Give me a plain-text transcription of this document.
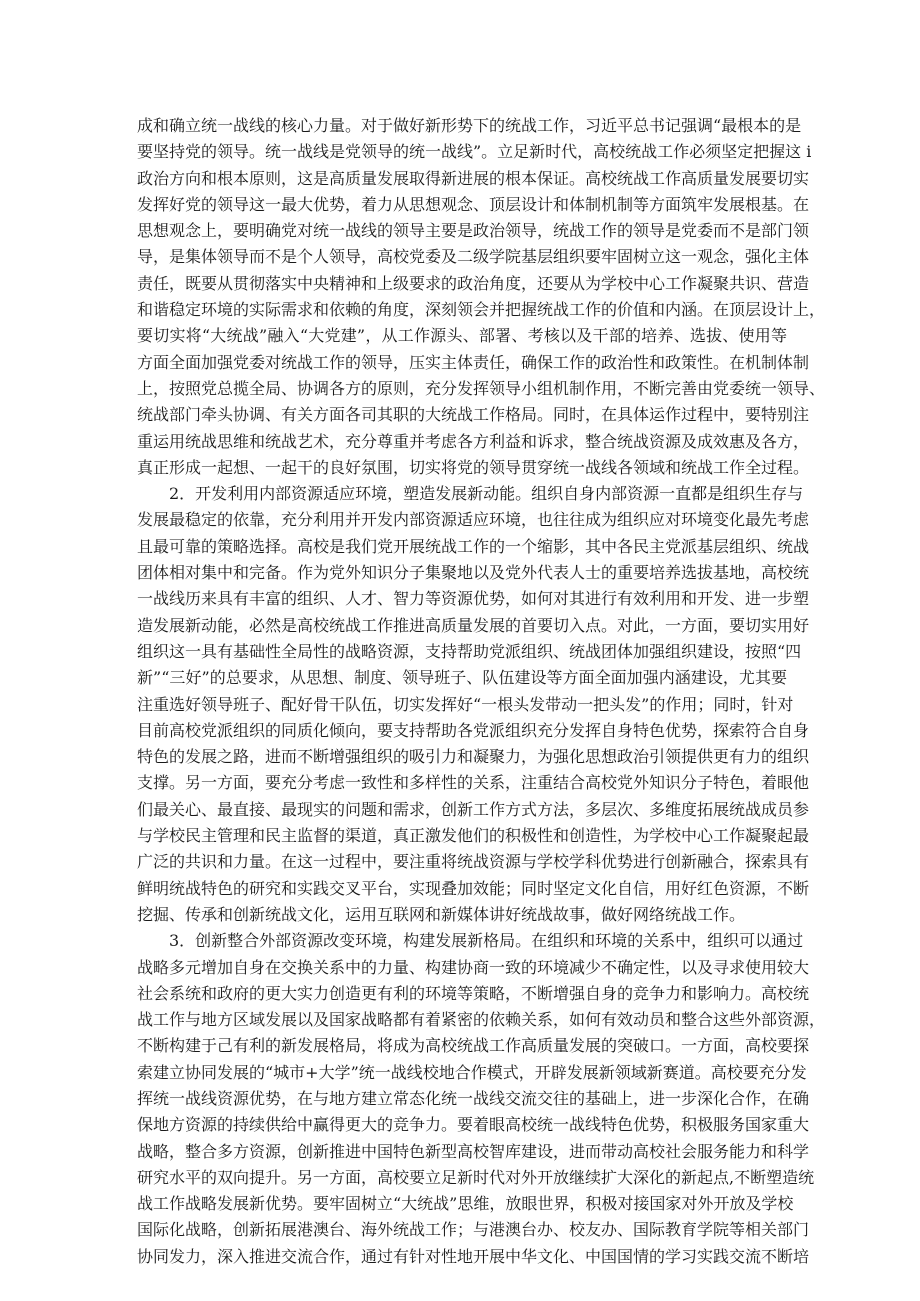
成和确立统一战线的核心力量。对于做好新形势下的统战工作，习近平总书记强调“最根本的是
要坚持党的领导。统一战线是党领导的统一战线”。立足新时代，高校统战工作必须坚定把握这 i
政治方向和根本原则，这是高质量发展取得新进展的根本保证。高校统战工作高质量发展要切实
发挥好党的领导这一最大优势，着力从思想观念、顶层设计和体制机制等方面筑牢发展根基。在
思想观念上，要明确党对统一战线的领导主要是政治领导，统战工作的领导是党委而不是部门领
导，是集体领导而不是个人领导，高校党委及二级学院基层组织要牢固树立这一观念，强化主体
责任，既要从贯彻落实中央精神和上级要求的政治角度，还要从为学校中心工作凝聚共识、营造
和谐稳定环境的实际需求和依赖的角度，深刻领会并把握统战工作的价值和内涵。在顶层设计上，
要切实将“大统战”融入“大党建”，从工作源头、部署、考核以及干部的培养、选拔、使用等
方面全面加强党委对统战工作的领导，压实主体责任，确保工作的政治性和政策性。在机制体制
上，按照党总揽全局、协调各方的原则，充分发挥领导小组机制作用，不断完善由党委统一领导、
统战部门牵头协调、有关方面各司其职的大统战工作格局。同时，在具体运作过程中，要特别注
重运用统战思维和统战艺术，充分尊重并考虑各方利益和诉求，整合统战资源及成效惠及各方，
真正形成一起想、一起干的良好氛围，切实将党的领导贯穿统一战线各领域和统战工作全过程。
2．开发利用内部资源适应环境，塑造发展新动能。组织自身内部资源一直都是组织生存与
发展最稳定的依靠，充分利用并开发内部资源适应环境，也往往成为组织应对环境变化最先考虑
且最可靠的策略选择。高校是我们党开展统战工作的一个缩影，其中各民主党派基层组织、统战
团体相对集中和完备。作为党外知识分子集聚地以及党外代表人士的重要培养选拔基地，高校统
一战线历来具有丰富的组织、人才、智力等资源优势，如何对其进行有效利用和开发、进一步塑
造发展新动能，必然是高校统战工作推进高质量发展的首要切入点。对此，一方面，要切实用好
组织这一具有基础性全局性的战略资源，支持帮助党派组织、统战团体加强组织建设，按照“四
新”“三好”的总要求，从思想、制度、领导班子、队伍建设等方面全面加强内涵建设，尤其要
注重选好领导班子、配好骨干队伍，切实发挥好“一根头发带动一把头发”的作用；同时，针对
目前高校党派组织的同质化倾向，要支持帮助各党派组织充分发挥自身特色优势，探索符合自身
特色的发展之路，进而不断增强组织的吸引力和凝聚力，为强化思想政治引领提供更有力的组织
支撑。另一方面，要充分考虑一致性和多样性的关系，注重结合高校党外知识分子特色，着眼他
们最关心、最直接、最现实的问题和需求，创新工作方式方法，多层次、多维度拓展统战成员参
与学校民主管理和民主监督的渠道，真正激发他们的积极性和创造性，为学校中心工作凝聚起最
广泛的共识和力量。在这一过程中，要注重将统战资源与学校学科优势进行创新融合，探索具有
鲜明统战特色的研究和实践交叉平台，实现叠加效能；同时坚定文化自信，用好红色资源，不断
挖掘、传承和创新统战文化，运用互联网和新媒体讲好统战故事，做好网络统战工作。
3．创新整合外部资源改变环境，构建发展新格局。在组织和环境的关系中，组织可以通过
战略多元增加自身在交换关系中的力量、构建协商一致的环境减少不确定性，以及寻求使用较大
社会系统和政府的更大实力创造更有利的环境等策略，不断增强自身的竞争力和影响力。高校统
战工作与地方区域发展以及国家战略都有着紧密的依赖关系，如何有效动员和整合这些外部资源，
不断构建于己有利的新发展格局，将成为高校统战工作高质量发展的突破口。一方面，高校要探
索建立协同发展的“城市+大学”统一战线校地合作模式，开辟发展新领域新赛道。高校要充分发
挥统一战线资源优势，在与地方建立常态化统一战线交流交往的基础上，进一步深化合作，在确
保地方资源的持续供给中赢得更大的竞争力。要着眼高校统一战线特色优势，积极服务国家重大
战略，整合多方资源，创新推进中国特色新型高校智库建设，进而带动高校社会服务能力和科学
研究水平的双向提升。另一方面，高校要立足新时代对外开放继续扩大深化的新起点,不断塑造统
战工作战略发展新优势。要牢固树立“大统战”思维，放眼世界，积极对接国家对外开放及学校
国际化战略，创新拓展港澳台、海外统战工作；与港澳台办、校友办、国际教育学院等相关部门
协同发力，深入推进交流合作，通过有针对性地开展中华文化、中国国情的学习实践交流不断培
